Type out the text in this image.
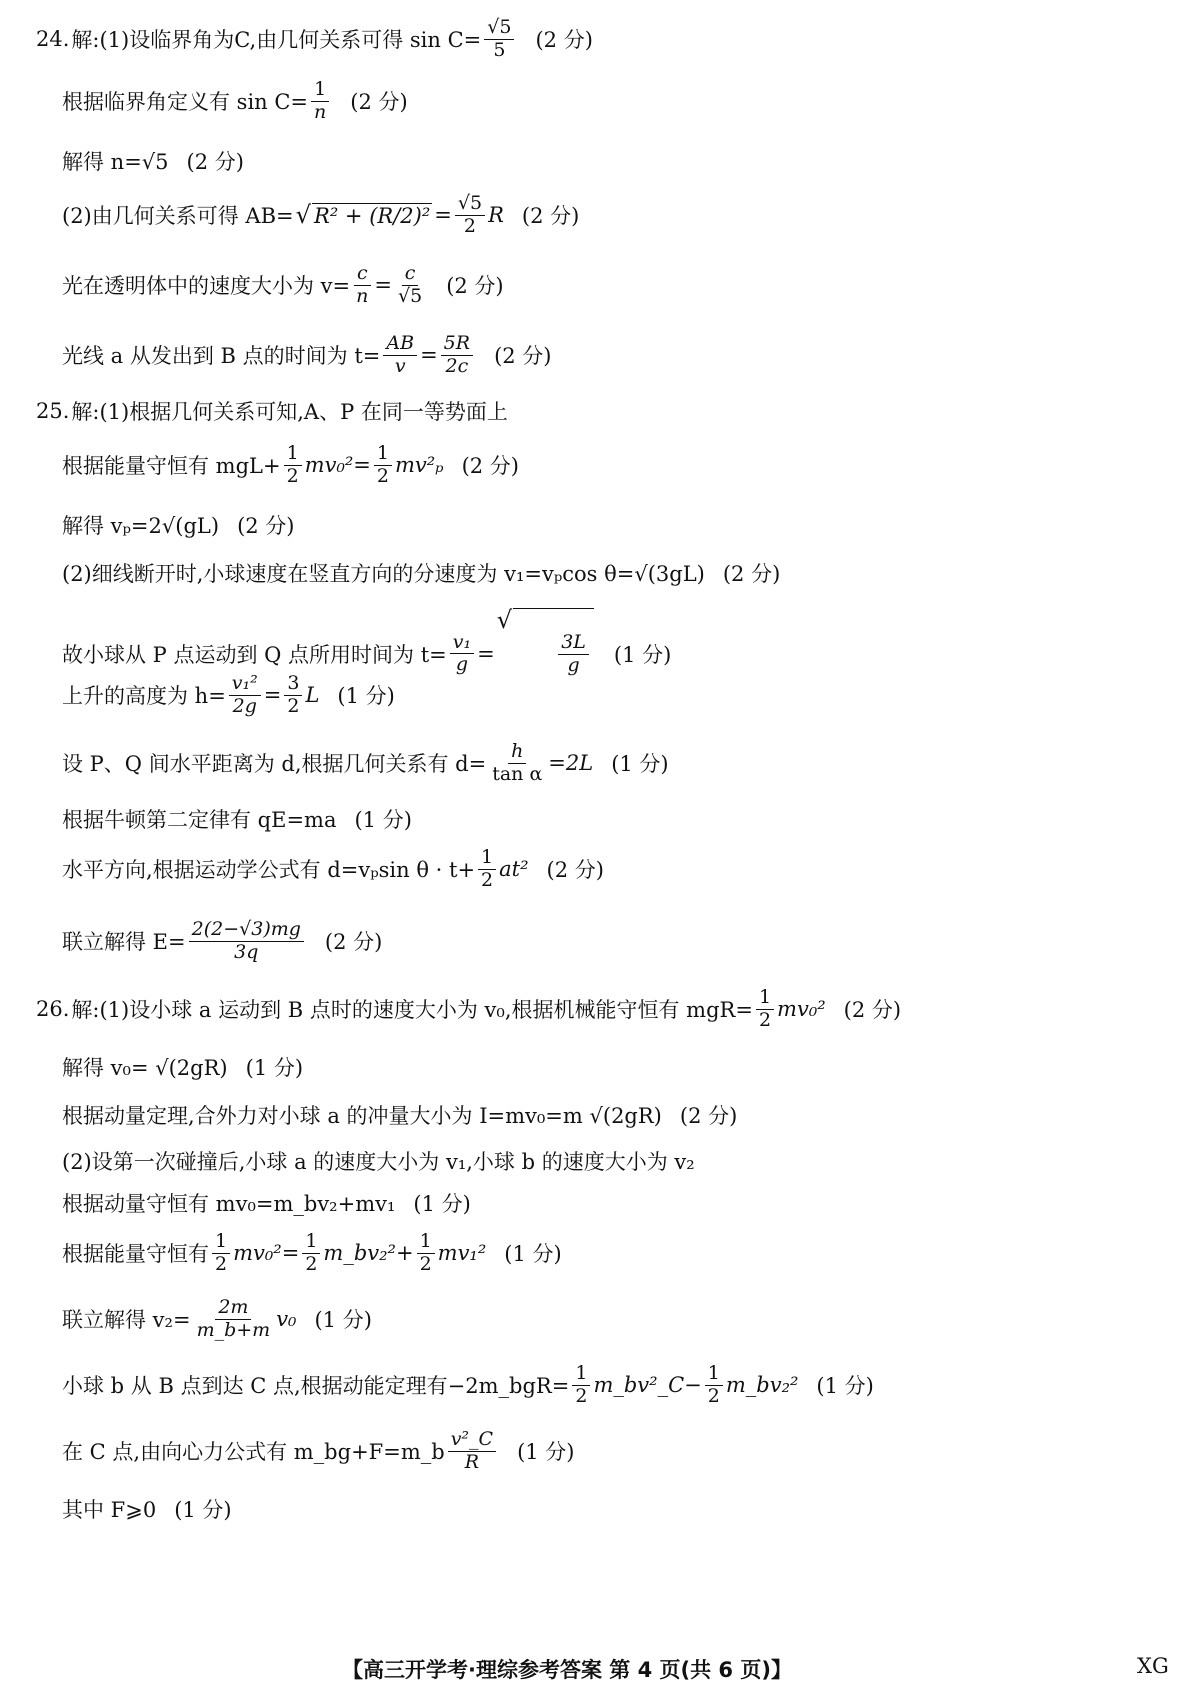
24. 解:(1)设临界角为C,由几何关系可得 $\sin C= \frac{√5}{5} (2$ 分)
根据临界角定义有 $\sin C= \frac{1}{n} (2$ 分)
解得 n=√5 (2 分)
(2)由几何关系可得 AB= √ $R^2 + (R/2)^2 = \frac{√5}{2}$ R (2 分)
光在透明体中的速度大小为 $v= \frac{c}{n} = \frac{c}{√5} (2$ 分)
光线 a 从发出到 B 点的时间为 $t= \frac{AB}{v} = \frac{5R}{2c} (2$ 分)
25. 解:(1)根据几何关系可知,A、P 在同一等势面上
根据能量守恒有 $mgL+ \frac{1}{2} mv_0^2= \frac{1}{2} mv^2_p$ (2 分)
解得 vₚ=2√(gL) (2 分)
(2)细线断开时,小球速度在竖直方向的分速度为 v₁=vₚcos θ=√(3gL) (2 分)
故小球从 P 点运动到 Q 点所用时间为 $t= \frac{\text{v₁}}{g}$ =
√

$\frac{3L}{g}$

(1 分)
上升的高度为 $h= \frac{\text{v₁²}}{2g} = \frac{3}{2}$ L (1 分)
设 P、Q 间水平距离为 d,根据几何关系有 $d= \frac{h}{\text{tan α}} =2L$ (1 分)
根据牛顿第二定律有 qE=ma (1 分)
水平方向,根据运动学公式有 d=vₚsin $\theta \cdot t+ \frac{1}{2} at^2$ (2 分)
联立解得 $E= \frac{2(2-√3)mg}{3q} (2$ 分)
26. 解:(1)设小球 a 运动到 B 点时的速度大小为 v₀,根据机械能守恒有 $mgR= \frac{1}{2} mv_0^2$ (2 分)
解得 v₀= √(2gR) (1 分)
根据动量定理,合外力对小球 a 的冲量大小为 I=mv₀=m √(2gR) (2 分)
(2)设第一次碰撞后,小球 a 的速度大小为 v₁,小球 b 的速度大小为 v₂
根据动量守恒有 mv₀=m_bv₂+mv₁ (1 分)
根据能量守恒有 $\frac{1}{2} mv_0^2= \frac{1}{2}$ m_bv₂²+ $\frac{1}{2} mv_1^2$ (1 分)
联立解得 $v_2= \frac{2m}{m\_b+m} v_0$ (1 分)
小球 b 从 B 点到达 C 点,根据动能定理有−2m_bgR= $\frac{1}{2}$ m_bv²_C− $\frac{1}{2}$ m_bv₂² (1 分)
在 C 点,由向心力公式有 m_bg+F=m_b $\frac{\text{v²\_C}}{R} (1$ 分)
其中 F⩾0 (1 分)
【高三开学考·理综参考答案 第 4 页(共 6 页)】	XG
